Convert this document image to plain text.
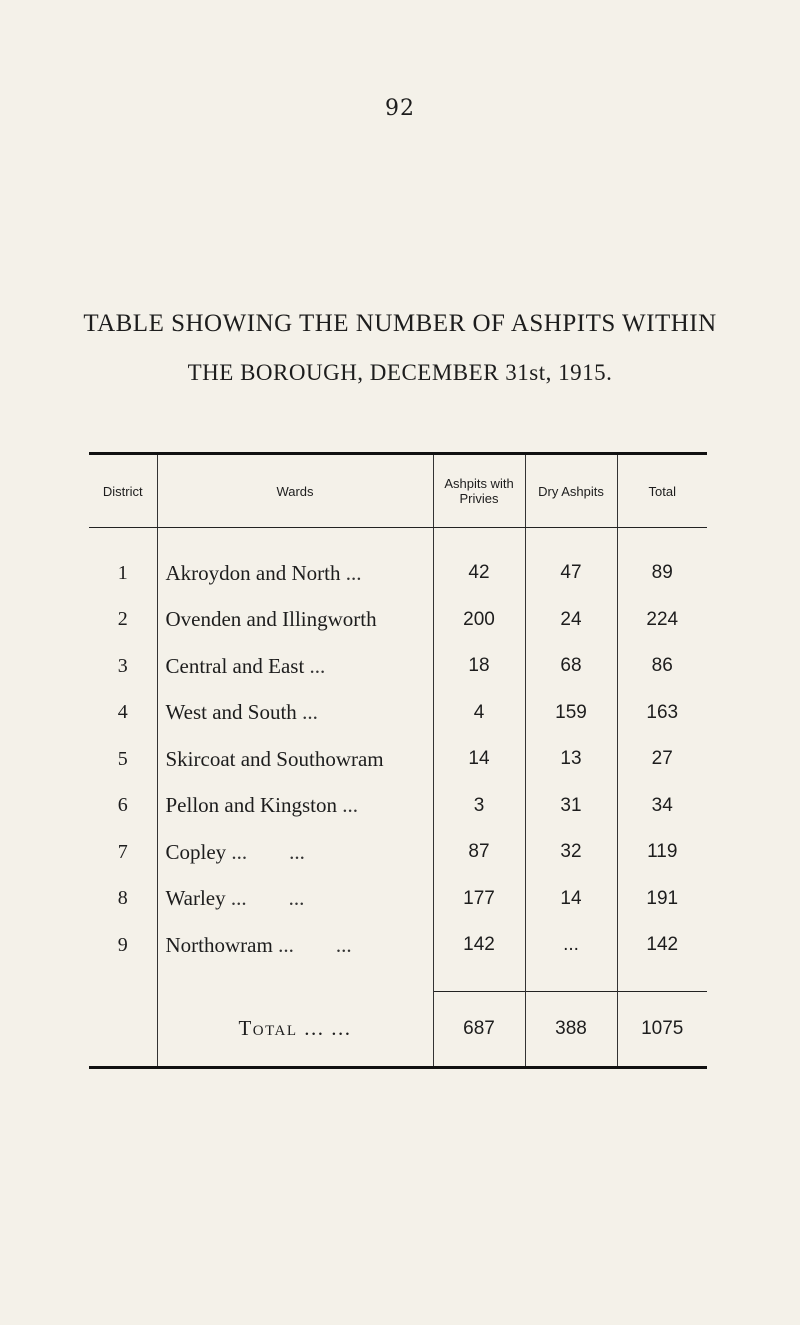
92
TABLE SHOWING THE NUMBER OF ASHPITS WITHIN
THE BOROUGH, DECEMBER 31st, 1915.
District	Wards	Ashpits with Privies	Dry Ashpits	Total

1	Akroydon and North ...	42	47	89
2	Ovenden and Illingworth	200	24	224
3	Central and East ...	18	68	86
4	West and South ...	4	159	163
5	Skircoat and Southowram	14	13	27
6	Pellon and Kingston ...	3	31	34
7	Copley ...        ...	87	32	119
8	Warley ...        ...	177	14	191
9	Northowram ...        ...	142	...	142

	Total ... ...	687	388	1075
